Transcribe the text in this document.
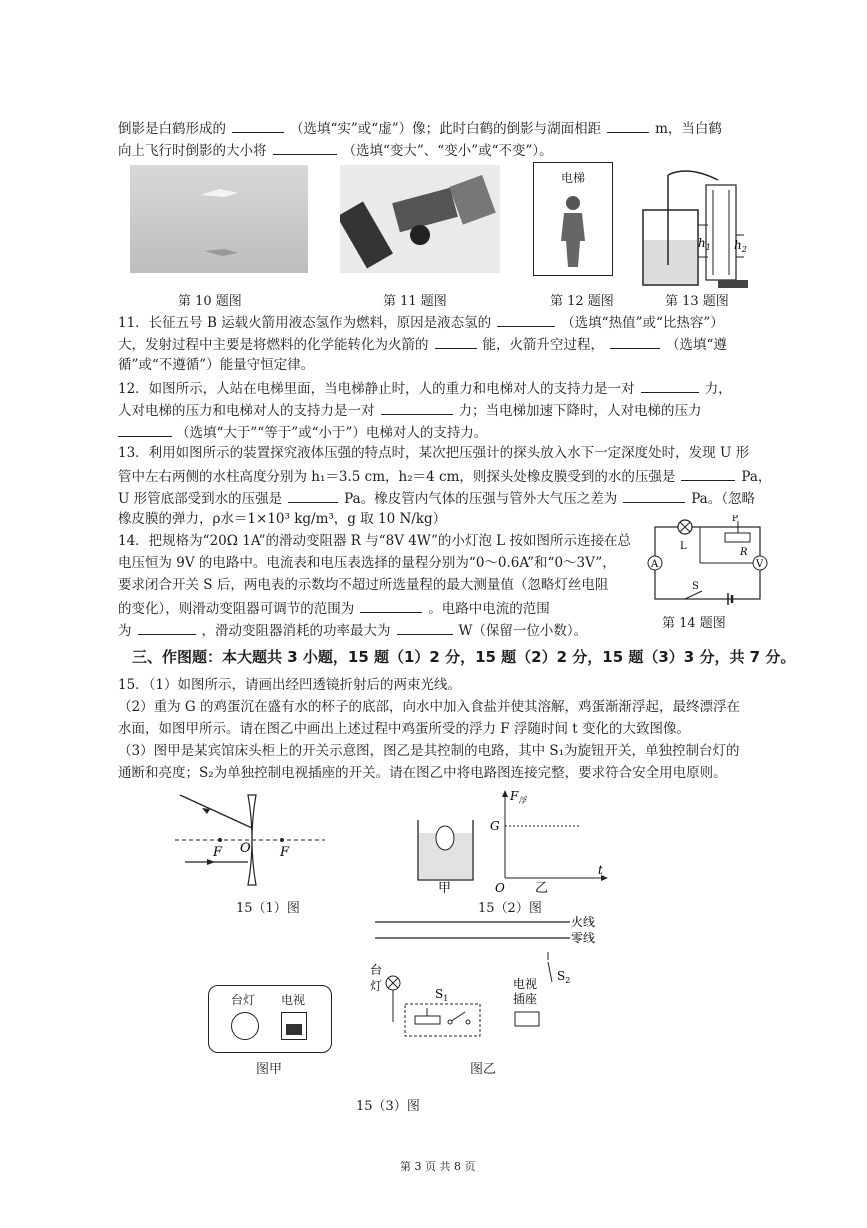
倒影是白鹤形成的	（选填“实”或“虚”）像；此时白鹤的倒影与湖面相距	m，当白鹤
向上飞行时倒影的大小将	（选填“变大”、“变小”或“不变”）。
电梯
$h_1$ $h_2$
第 10 题图	第 11 题图	第 12 题图	第 13 题图
11．长征五号 B 运载火箭用液态氢作为燃料，原因是液态氢的	（选填“热值”或“比热容”）
大，发射过程中主要是将燃料的化学能转化为火箭的	能，火箭升空过程，	（选填“遵
循”或“不遵循”）能量守恒定律。
12．如图所示，人站在电梯里面，当电梯静止时，人的重力和电梯对人的支持力是一对	力，
人对电梯的压力和电梯对人的支持力是一对	力；当电梯加速下降时，人对电梯的压力
（选填“大于”“等于”或“小于”）电梯对人的支持力。
13．利用如图所示的装置探究液体压强的特点时，某次把压强计的探头放入水下一定深度处时，发现 U 形
管中左右两侧的水柱高度分别为 h₁＝3.5 cm，h₂＝4 cm，则探头处橡皮膜受到的水的压强是	Pa，
U 形管底部受到水的压强是	Pa。橡皮管内气体的压强与管外大气压之差为	Pa。（忽略
橡皮膜的弹力，ρ水＝1×10³ kg/m³，g 取 10 N/kg）
14．把规格为“20Ω 1A”的滑动变阻器 R 与“8V 4W”的小灯泡 L 按如图所示连接在总
电压恒为 9V 的电路中。电流表和电压表选择的量程分别为“0～0.6A”和“0～3V”，
要求闭合开关 S 后，两电表的示数均不超过所选量程的最大测量值（忽略灯丝电阻
的变化），则滑动变阻器可调节的范围为	。电路中电流的范围
为	，滑动变阻器消耗的功率最大为	W（保留一位小数）。
L
P
R
A	V
S
第 14 题图
三、作图题：本大题共 3 小题，15 题（1）2 分，15 题（2）2 分，15 题（3）3 分，共 7 分。
15．（1）如图所示，请画出经凹透镜折射后的两束光线。
（2）重为 G 的鸡蛋沉在盛有水的杯子的底部，向水中加入食盐并使其溶解，鸡蛋渐渐浮起，最终漂浮在
水面，如图甲所示。请在图乙中画出上述过程中鸡蛋所受的浮力 F 浮随时间 t 变化的大致图像。
（3）图甲是某宾馆床头柜上的开关示意图，图乙是其控制的电路，其中 S₁为旋钮开关，单独控制台灯的
通断和亮度；S₂为单独控制电视插座的开关。请在图乙中将电路图连接完整，要求符合安全用电原则。
F O F
15（1）图
甲
G
$F_浮$
O 乙
t
15（2）图
火线
零线
台
灯
$S_1$
电视
插座
$S_2$
台灯 电视
图甲	图乙
15（3）图
第 3 页 共 8 页
